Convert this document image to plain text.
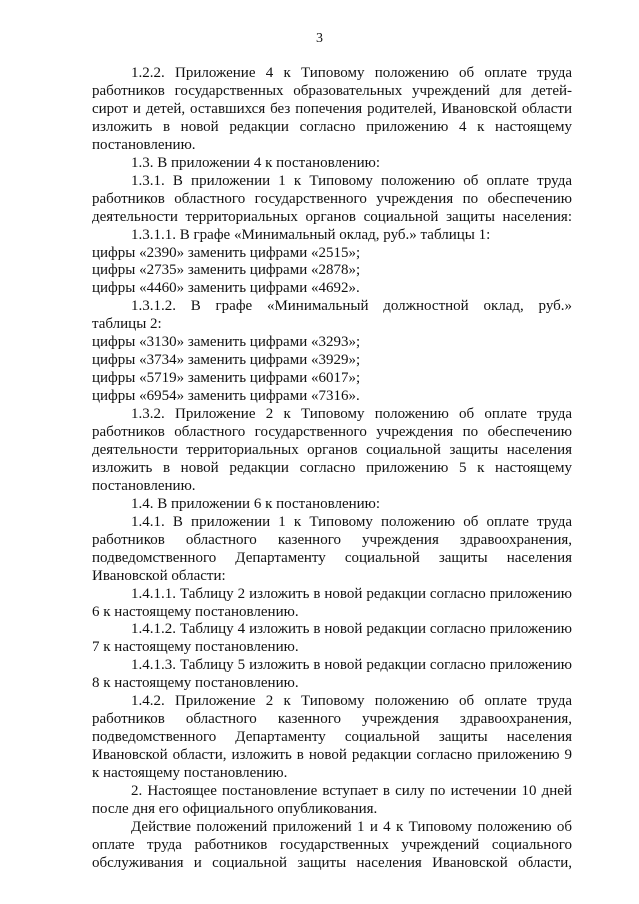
3
1.2.2. Приложение 4 к Типовому положению об оплате труда
работников государственных образовательных учреждений для детей-
сирот и детей, оставшихся без попечения родителей, Ивановской области
изложить в новой редакции согласно приложению 4 к настоящему
постановлению.
1.3. В приложении 4 к постановлению:
1.3.1. В приложении 1 к Типовому положению об оплате труда
работников областного государственного учреждения по обеспечению
деятельности территориальных органов социальной защиты населения:
1.3.1.1. В графе «Минимальный оклад, руб.» таблицы 1:
цифры «2390» заменить цифрами «2515»;
цифры «2735» заменить цифрами «2878»;
цифры «4460» заменить цифрами «4692».
1.3.1.2. В графе «Минимальный должностной оклад, руб.»
таблицы 2:
цифры «3130» заменить цифрами «3293»;
цифры «3734» заменить цифрами «3929»;
цифры «5719» заменить цифрами «6017»;
цифры «6954» заменить цифрами «7316».
1.3.2. Приложение 2 к Типовому положению об оплате труда
работников областного государственного учреждения по обеспечению
деятельности территориальных органов социальной защиты населения
изложить в новой редакции согласно приложению 5 к настоящему
постановлению.
1.4. В приложении 6 к постановлению:
1.4.1. В приложении 1 к Типовому положению об оплате труда
работников областного казенного учреждения здравоохранения,
подведомственного Департаменту социальной защиты населения
Ивановской области:
1.4.1.1. Таблицу 2 изложить в новой редакции согласно приложению
6 к настоящему постановлению.
1.4.1.2. Таблицу 4 изложить в новой редакции согласно приложению
7 к настоящему постановлению.
1.4.1.3. Таблицу 5 изложить в новой редакции согласно приложению
8 к настоящему постановлению.
1.4.2. Приложение 2 к Типовому положению об оплате труда
работников областного казенного учреждения здравоохранения,
подведомственного Департаменту социальной защиты населения
Ивановской области, изложить в новой редакции согласно приложению 9
к настоящему постановлению.
2. Настоящее постановление вступает в силу по истечении 10 дней
после дня его официального опубликования.
Действие положений приложений 1 и 4 к Типовому положению об
оплате труда работников государственных учреждений социального
обслуживания и социальной защиты населения Ивановской области,
